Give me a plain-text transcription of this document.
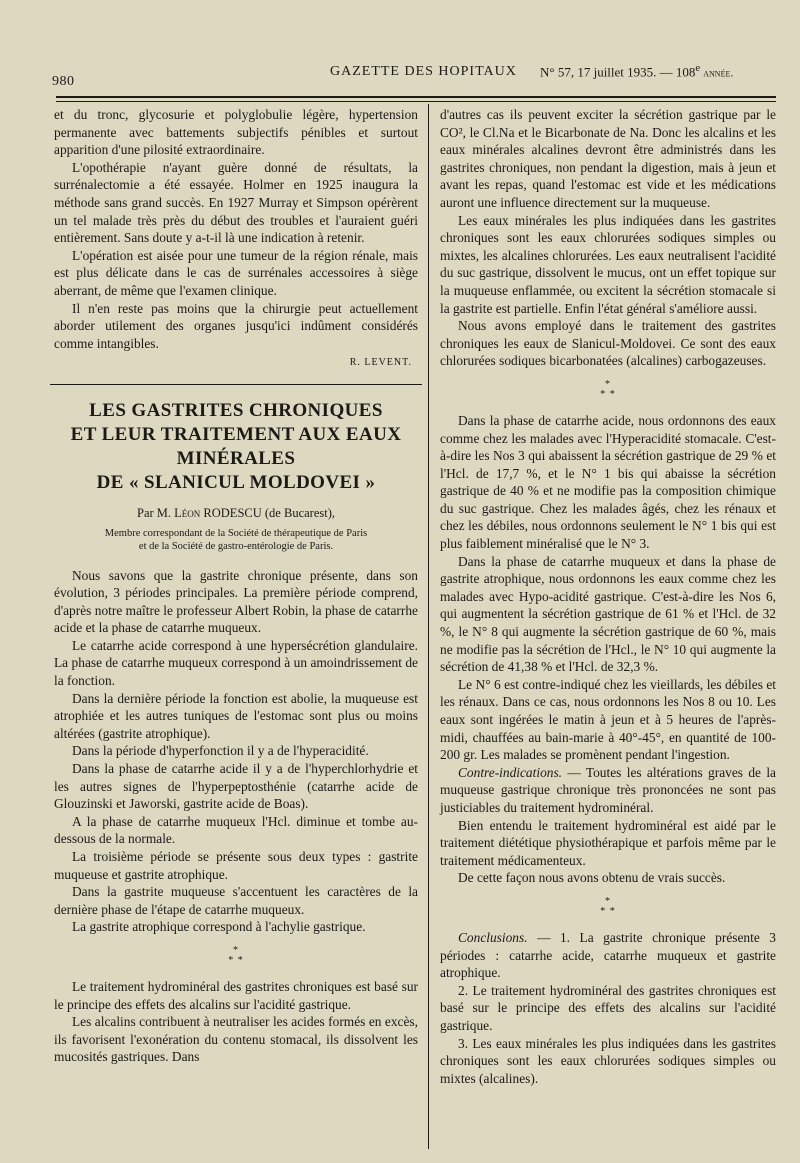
980
GAZETTE DES HOPITAUX N° 57, 17 juillet 1935. — 108e année.

et du tronc, glycosurie et polyglobulie légère, hypertension permanente avec battements subjectifs pénibles et surtout apparition d'une pilosité extraordinaire.

L'opothérapie n'ayant guère donné de résultats, la surrénalectomie a été essayée. Holmer en 1925 inaugura la méthode sans grand succès. En 1927 Murray et Simpson opérèrent un tel malade très près du début des troubles et l'auraient guéri entièrement. Sans doute y a-t-il là une indication à retenir.

L'opération est aisée pour une tumeur de la région rénale, mais est plus délicate dans le cas de surrénales accessoires à siège aberrant, de même que l'examen clinique.

Il n'en reste pas moins que la chirurgie peut actuellement aborder utilement des organes jusqu'ici indûment considérés comme intangibles.

R. LEVENT.
LES GASTRITES CHRONIQUES
ET LEUR TRAITEMENT AUX EAUX MINÉRALES
DE « SLANICUL MOLDOVEI »
Par M. Léon RODESCU (de Bucarest),
Membre correspondant de la Société de thérapeutique de Paris
et de la Société de gastro-entérologie de Paris.

Nous savons que la gastrite chronique présente, dans son évolution, 3 périodes principales. La première période comprend, d'après notre maître le professeur Albert Robin, la phase de catarrhe acide et la phase de catarrhe muqueux.

Le catarrhe acide correspond à une hypersécrétion glandulaire. La phase de catarrhe muqueux correspond à un amoindrissement de la fonction.

Dans la dernière période la fonction est abolie, la muqueuse est atrophiée et les autres tuniques de l'estomac sont plus ou moins altérées (gastrite atrophique).

Dans la période d'hyperfonction il y a de l'hyperacidité.

Dans la phase de catarrhe acide il y a de l'hyperchlorhydrie et les autres signes de l'hyperpeptosthénie (catarrhe acide de Glouzinski et Jaworski, gastrite acide de Boas).

A la phase de catarrhe muqueux l'Hcl. diminue et tombe au-dessous de la normale.

La troisième période se présente sous deux types : gastrite muqueuse et gastrite atrophique.

Dans la gastrite muqueuse s'accentuent les caractères de la dernière phase de l'étape de catarrhe muqueux.

La gastrite atrophique correspond à l'achylie gastrique.

*
* *

Le traitement hydrominéral des gastrites chroniques est basé sur le principe des effets des alcalins sur l'acidité gastrique.

Les alcalins contribuent à neutraliser les acides formés en excès, ils favorisent l'exonération du contenu stomacal, ils dissolvent les mucosités gastriques. Dans

d'autres cas ils peuvent exciter la sécrétion gastrique par le CO², le Cl.Na et le Bicarbonate de Na. Donc les alcalins et les eaux minérales alcalines devront être administrés dans les gastrites chroniques, non pendant la digestion, mais à jeun et avant les repas, quand l'estomac est vide et les médications auront une influence directement sur la muqueuse.

Les eaux minérales les plus indiquées dans les gastrites chroniques sont les eaux chlorurées sodiques simples ou mixtes, les alcalines chlorurées. Les eaux neutralisent l'acidité du suc gastrique, dissolvent le mucus, ont un effet topique sur la muqueuse enflammée, ou excitent la sécrétion stomacale si la gastrite est partielle. Enfin l'état général s'améliore aussi.

Nous avons employé dans le traitement des gastrites chroniques les eaux de Slanicul-Moldovei. Ce sont des eaux chlorurées sodiques bicarbonatées (alcalines) carbogazeuses.

*
* *

Dans la phase de catarrhe acide, nous ordonnons des eaux comme chez les malades avec l'Hyperacidité stomacale. C'est-à-dire les Nos 3 qui abaissent la sécrétion gastrique de 29 % et l'Hcl. de 17,7 %, et le N° 1 bis qui abaisse la sécrétion gastrique de 40 % et ne modifie pas la composition chimique du suc gastrique. Chez les malades âgés, chez les rénaux et chez les débiles, nous ordonnons seulement le N° 1 bis qui est plus faiblement minéralisé que le N° 3.

Dans la phase de catarrhe muqueux et dans la phase de gastrite atrophique, nous ordonnons les eaux comme chez les malades avec Hypo-acidité gastrique. C'est-à-dire les Nos 6, qui augmentent la sécrétion gastrique de 61 % et l'Hcl. de 32 %, le N° 8 qui augmente la sécrétion gastrique de 60 %, mais ne modifie pas la sécrétion de l'Hcl., le N° 10 qui augmente la sécrétion de 41,38 % et l'Hcl. de 32,3 %.

Le N° 6 est contre-indiqué chez les vieillards, les débiles et les rénaux. Dans ce cas, nous ordonnons les Nos 8 ou 10. Les eaux sont ingérées le matin à jeun et à 5 heures de l'après-midi, chauffées au bain-marie à 40°-45°, en quantité de 100-200 gr. Les malades se promènent pendant l'ingestion.

Contre-indications. — Toutes les altérations graves de la muqueuse gastrique chronique très prononcées ne sont pas justiciables du traitement hydrominéral.

Bien entendu le traitement hydrominéral est aidé par le traitement diététique physiothérapique et parfois même par le traitement médicamenteux.

De cette façon nous avons obtenu de vrais succès.

*
* *

Conclusions. — 1. La gastrite chronique présente 3 périodes : catarrhe acide, catarrhe muqueux et gastrite atrophique.

2. Le traitement hydrominéral des gastrites chroniques est basé sur le principe des effets des alcalins sur l'acidité gastrique.

3. Les eaux minérales les plus indiquées dans les gastrites chroniques sont les eaux chlorurées sodiques simples ou mixtes (alcalines).
